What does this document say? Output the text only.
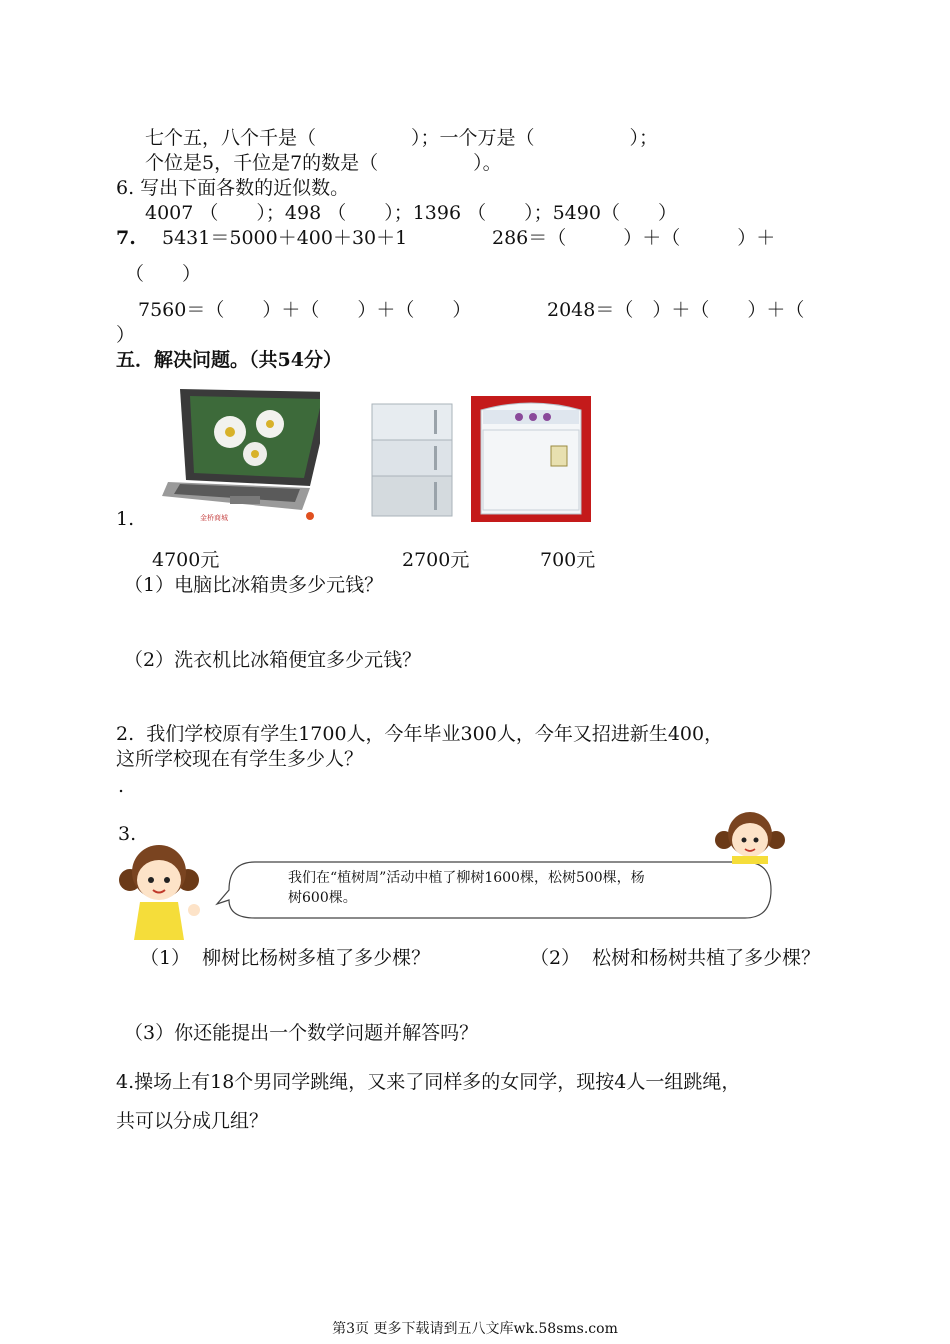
七个五，八个千是（　　　　　）；一个万是（　　　　　）；
个位是5，千位是7的数是（　　　　　）。
6. 写出下面各数的近似数。
4007 （　　）；498 （　　）；1396 （　　）；5490（　　）
7. 5431＝5000＋400＋30＋1	286＝（　　　）＋（　　　）＋
（　　）
7560＝（　　）＋（　　）＋（　　）	2048＝（　）＋（　　）＋（
）
五．解决问题。（共54分）
金桥商城
1.
4700元	2700元	700元
（1）电脑比冰箱贵多少元钱？
（2）洗衣机比冰箱便宜多少元钱？
2.  我们学校原有学生1700人，今年毕业300人，今年又招进新生400，
这所学校现在有学生多少人？
.
3.
我们在“植树周”活动中植了柳树1600棵，松树500棵，杨
树600棵。
（1）  柳树比杨树多植了多少棵？	（2）  松树和杨树共植了多少棵？
（3）你还能提出一个数学问题并解答吗？
4.操场上有18个男同学跳绳，又来了同样多的女同学，现按4人一组跳绳，
共可以分成几组？
第3页 更多下载请到五八文库wk.58sms.com
